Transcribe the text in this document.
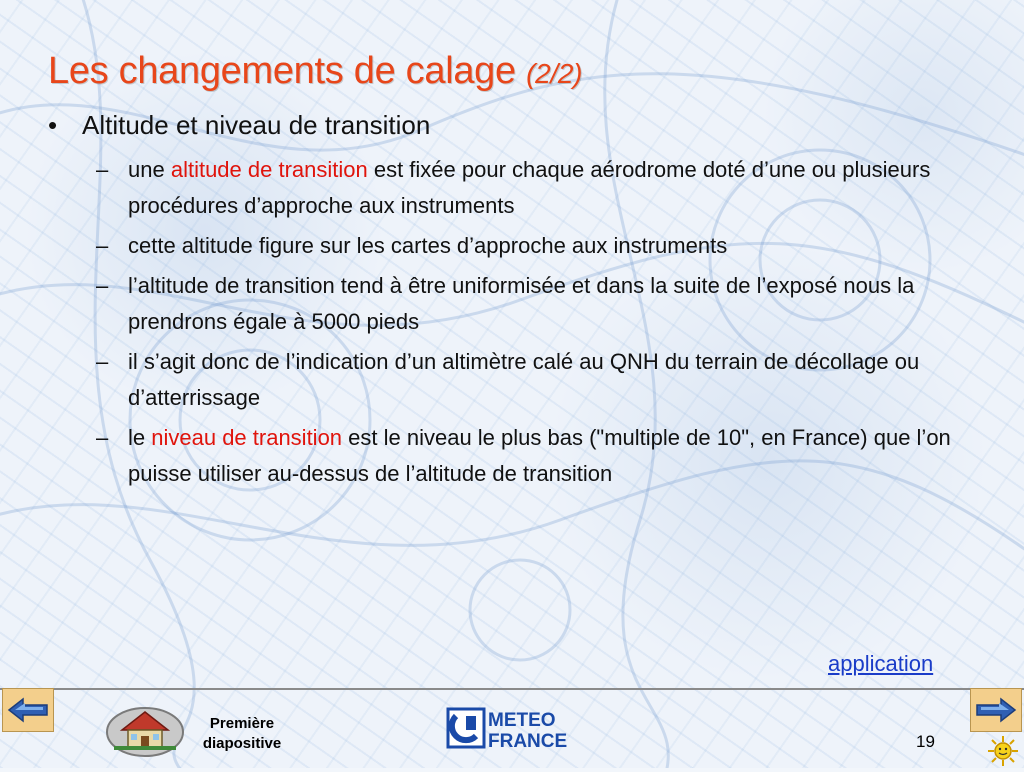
Les changements de calage (2/2)
• Altitude et niveau de transition
– une altitude de transition est fixée pour chaque aérodrome doté d’une ou plusieurs procédures d’approche aux instruments
– cette altitude figure sur les cartes d’approche aux instruments
– l’altitude de transition tend à être uniformisée et dans la suite de l’exposé nous la prendrons égale à 5000 pieds
– il s’agit donc de l’indication d’un altimètre calé au QNH du terrain de décollage ou d’atterrissage
– le niveau de transition est le niveau le plus bas ("multiple de 10", en France) que l’on puisse utiliser au-dessus de l’altitude de transition
application
Première diapositive
METEO
FRANCE	19
